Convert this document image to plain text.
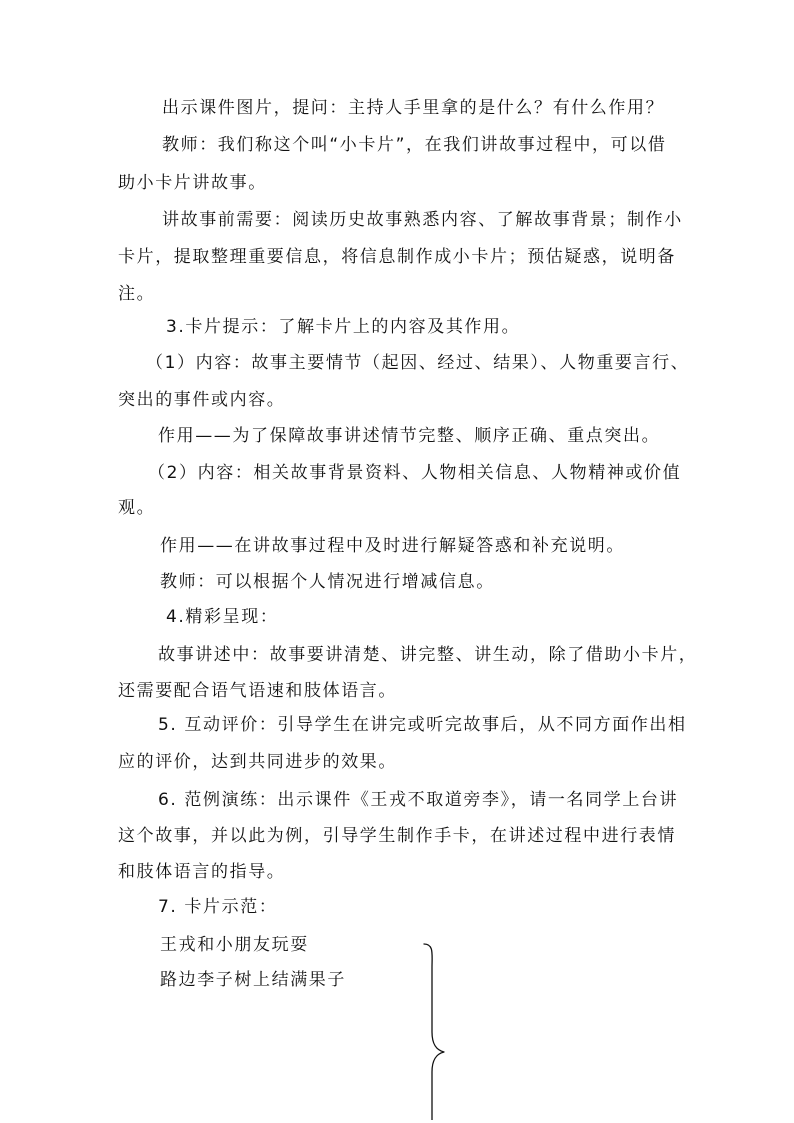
出示课件图片，提问：主持人手里拿的是什么？有什么作用？
教师：我们称这个叫“小卡片”，在我们讲故事过程中，可以借
助小卡片讲故事。
讲故事前需要：阅读历史故事熟悉内容、了解故事背景；制作小
卡片，提取整理重要信息，将信息制作成小卡片；预估疑惑，说明备
注。
3.卡片提示：了解卡片上的内容及其作用。
（1）内容：故事主要情节（起因、经过、结果）、人物重要言行、
突出的事件或内容。
作用——为了保障故事讲述情节完整、顺序正确、重点突出。
（2）内容：相关故事背景资料、人物相关信息、人物精神或价值
观。
作用——在讲故事过程中及时进行解疑答惑和补充说明。
教师：可以根据个人情况进行增减信息。
4.精彩呈现：
故事讲述中：故事要讲清楚、讲完整、讲生动，除了借助小卡片，
还需要配合语气语速和肢体语言。
5. 互动评价：引导学生在讲完或听完故事后，从不同方面作出相
应的评价，达到共同进步的效果。
6. 范例演练：出示课件《王戎不取道旁李》，请一名同学上台讲
这个故事，并以此为例，引导学生制作手卡，在讲述过程中进行表情
和肢体语言的指导。
7. 卡片示范：
王戎和小朋友玩耍
路边李子树上结满果子
